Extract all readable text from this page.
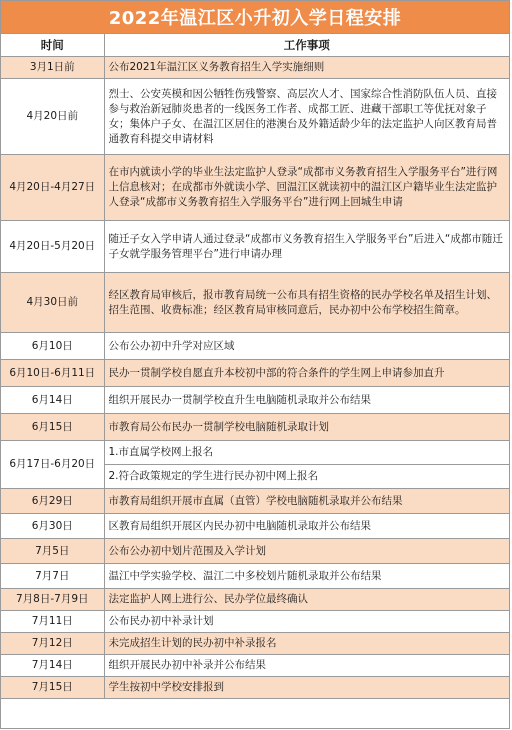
2022年温江区小升初入学日程安排
时间	工作事项
3月1日前	公布2021年温江区义务教育招生入学实施细则
4月20日前	烈士、公安英模和因公牺牲伤残警察、高层次人才、国家综合性消防队伍人员、直接参与救治新冠肺炎患者的一线医务工作者、成都工匠、进藏干部职工等优抚对象子女；集体户子女、在温江区居住的港澳台及外籍适龄少年的法定监护人向区教育局普通教育科提交申请材料
4月20日-4月27日	在市内就读小学的毕业生法定监护人登录“成都市义务教育招生入学服务平台”进行网上信息核对；在成都市外就读小学、回温江区就读初中的温江区户籍毕业生法定监护人登录“成都市义务教育招生入学服务平台”进行网上回城生申请
4月20日-5月20日	随迁子女入学申请人通过登录“成都市义务教育招生入学服务平台”后进入“成都市随迁子女就学服务管理平台”进行申请办理
4月30日前	经区教育局审核后，报市教育局统一公布具有招生资格的民办学校名单及招生计划、招生范围、收费标准；经区教育局审核同意后，民办初中公布学校招生简章。
6月10日	公布公办初中升学对应区域
6月10日-6月11日	民办一贯制学校自愿直升本校初中部的符合条件的学生网上申请参加直升
6月14日	组织开展民办一贯制学校直升生电脑随机录取并公布结果
6月15日	市教育局公布民办一贯制学校电脑随机录取计划
6月17日-6月20日	1.市直属学校网上报名
	2.符合政策规定的学生进行民办初中网上报名
6月29日	市教育局组织开展市直属（直管）学校电脑随机录取并公布结果
6月30日	区教育局组织开展区内民办初中电脑随机录取并公布结果
7月5日	公布公办初中划片范围及入学计划
7月7日	温江中学实验学校、温江二中多校划片随机录取并公布结果
7月8日-7月9日	法定监护人网上进行公、民办学位最终确认
7月11日	公布民办初中补录计划
7月12日	未完成招生计划的民办初中补录报名
7月14日	组织开展民办初中补录并公布结果
7月15日	学生按初中学校安排报到
